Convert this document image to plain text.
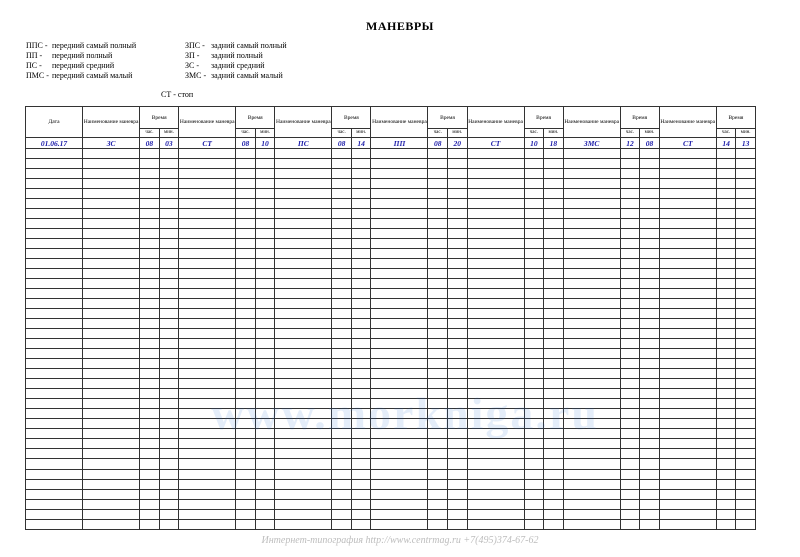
МАНЕВРЫ
ППС - передний самый полный
ПП - передний полный
ПС - передний средний
ПМС - передний самый малый
ЗПС - задний самый полный
ЗП - задний полный
ЗС - задний средний
ЗМС - задний самый малый
СТ - стоп
Дата	Наименование маневра	Время		Наименование маневра	Время		Наименование маневра	Время		Наименование маневра	Время		Наименование маневра	Время		Наименование маневра	Время		Наименование маневра	Время	
		час.	мин.		час.	мин.		час.	мин.		час.	мин.		час.	мин.		час.	мин.		час.	мин.
01.06.17	ЗС	08	03	СТ	08	10	ПС	08	14	ПП	08	20	СТ	10	18	ЗМС	12	08	СТ	14	13

www.morkniga.ru
Интернет-типография http://www.centrmag.ru +7(495)374-67-62
